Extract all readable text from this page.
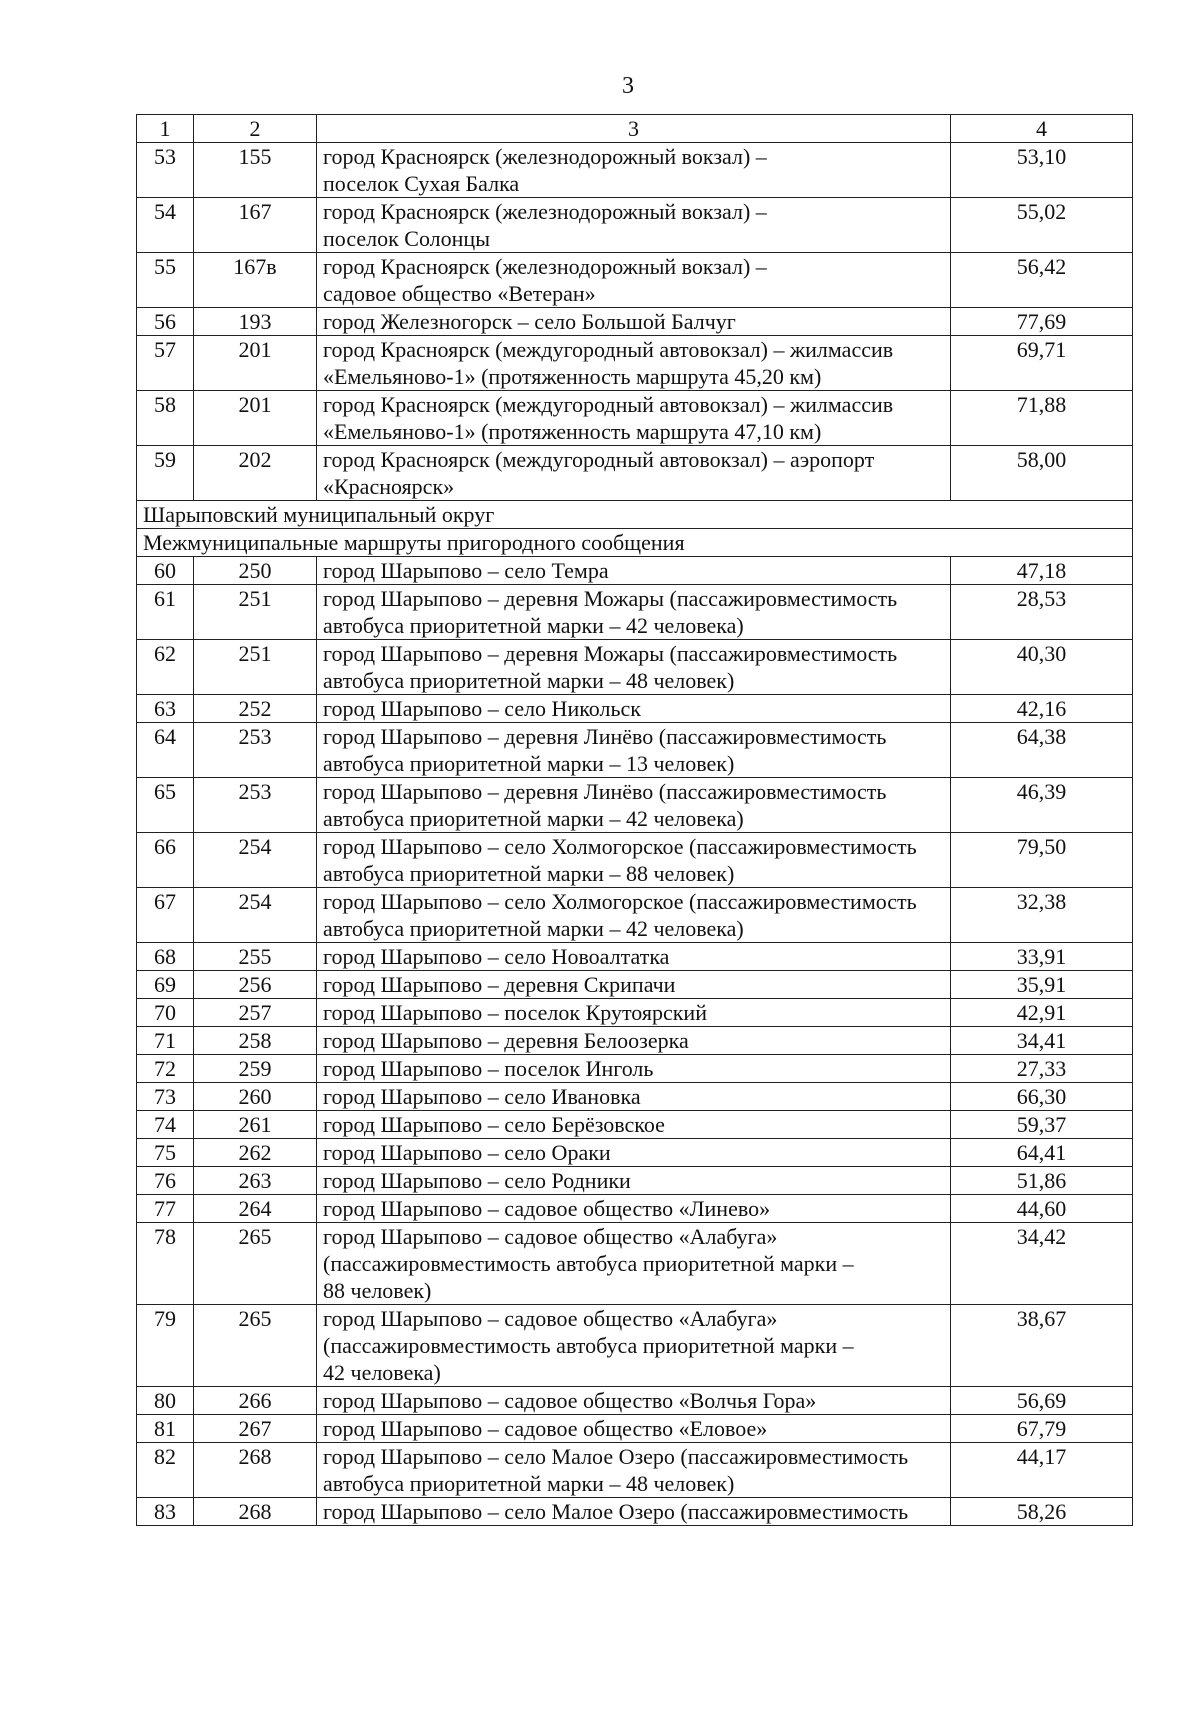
3
1	2	3	4
53	155	город Красноярск (железнодорожный вокзал) –
поселок Сухая Балка	53,10
54	167	город Красноярск (железнодорожный вокзал) –
поселок Солонцы	55,02
55	167в	город Красноярск (железнодорожный вокзал) –
садовое общество «Ветеран»	56,42
56	193	город Железногорск – село Большой Балчуг	77,69
57	201	город Красноярск (междугородный автовокзал) – жилмассив
«Емельяново-1» (протяженность маршрута 45,20 км)	69,71
58	201	город Красноярск (междугородный автовокзал) – жилмассив
«Емельяново-1» (протяженность маршрута 47,10 км)	71,88
59	202	город Красноярск (междугородный автовокзал) – аэропорт
«Красноярск»	58,00
Шарыповский муниципальный округ			
Межмуниципальные маршруты пригородного сообщения			
60	250	город Шарыпово – село Темра	47,18
61	251	город Шарыпово – деревня Можары (пассажировместимость
автобуса приоритетной марки – 42 человека)	28,53
62	251	город Шарыпово – деревня Можары (пассажировместимость
автобуса приоритетной марки – 48 человек)	40,30
63	252	город Шарыпово – село Никольск	42,16
64	253	город Шарыпово – деревня Линёво (пассажировместимость
автобуса приоритетной марки – 13 человек)	64,38
65	253	город Шарыпово – деревня Линёво (пассажировместимость
автобуса приоритетной марки – 42 человека)	46,39
66	254	город Шарыпово – село Холмогорское (пассажировместимость
автобуса приоритетной марки – 88 человек)	79,50
67	254	город Шарыпово – село Холмогорское (пассажировместимость
автобуса приоритетной марки – 42 человека)	32,38
68	255	город Шарыпово – село Новоалтатка	33,91
69	256	город Шарыпово – деревня Скрипачи	35,91
70	257	город Шарыпово – поселок Крутоярский	42,91
71	258	город Шарыпово – деревня Белоозерка	34,41
72	259	город Шарыпово – поселок Инголь	27,33
73	260	город Шарыпово – село Ивановка	66,30
74	261	город Шарыпово – село Берёзовское	59,37
75	262	город Шарыпово – село Ораки	64,41
76	263	город Шарыпово – село Родники	51,86
77	264	город Шарыпово – садовое общество «Линево»	44,60
78	265	город Шарыпово – садовое общество «Алабуга»
(пассажировместимость автобуса приоритетной марки –
88 человек)	34,42
79	265	город Шарыпово – садовое общество «Алабуга»
(пассажировместимость автобуса приоритетной марки –
42 человека)	38,67
80	266	город Шарыпово – садовое общество «Волчья Гора»	56,69
81	267	город Шарыпово – садовое общество «Еловое»	67,79
82	268	город Шарыпово – село Малое Озеро (пассажировместимость
автобуса приоритетной марки – 48 человек)	44,17
83	268	город Шарыпово – село Малое Озеро (пассажировместимость	58,26
